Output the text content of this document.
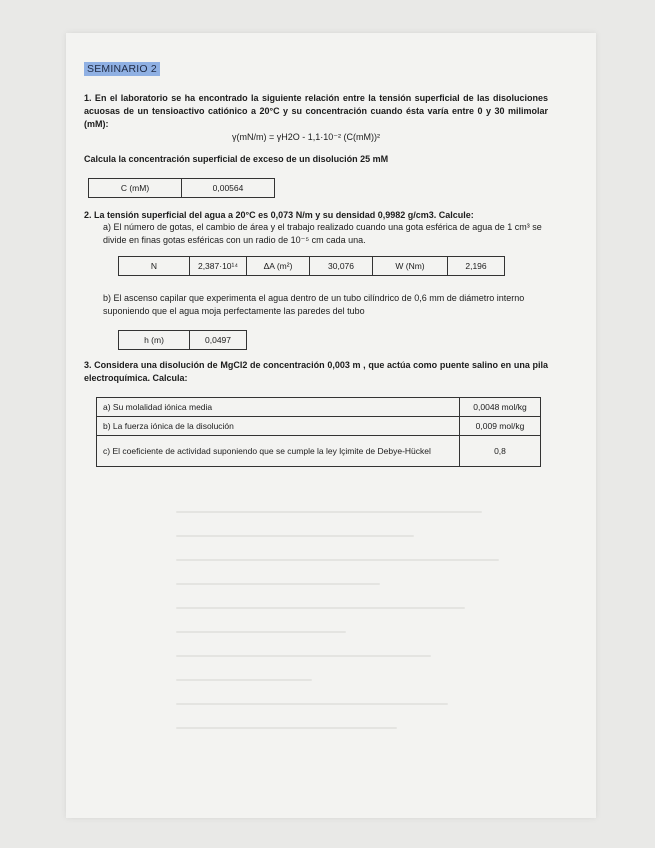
SEMINARIO 2
1. En el laboratorio se ha encontrado la siguiente relación entre la tensión superficial de las disoluciones acuosas de un tensioactivo catiónico a 20°C y su concentración cuando ésta varía entre 0 y 30 milimolar (mM):
γ(mN/m) = γH2O - 1,1·10⁻² (C(mM))²
Calcula la concentración superficial de exceso de un disolución 25 mM
C (mM)	0,00564
2. La tensión superficial del agua a 20°C es 0,073 N/m y su densidad 0,9982 g/cm3. Calcule:
a) El número de gotas, el cambio de área y el trabajo realizado cuando una gota esférica de agua de 1 cm³ se divide en finas gotas esféricas con un radio de 10⁻⁵ cm cada una.
N	2,387·10¹⁴	ΔA (m²)	30,076	W (Nm)	2,196
b) El ascenso capilar que experimenta el agua dentro de un tubo cilíndrico de 0,6 mm de diámetro interno suponiendo que el agua moja perfectamente las paredes del tubo
h (m)	0,0497
3. Considera una disolución de MgCl2 de concentración 0,003 m , que actúa como puente salino en una pila electroquímica. Calcula:
a) Su molalidad iónica media	0,0048 mol/kg
b) La fuerza iónica de la disolución	0,009 mol/kg
c) El coeficiente de actividad suponiendo que se cumple la ley lçimite de Debye-Hückel	0,8
